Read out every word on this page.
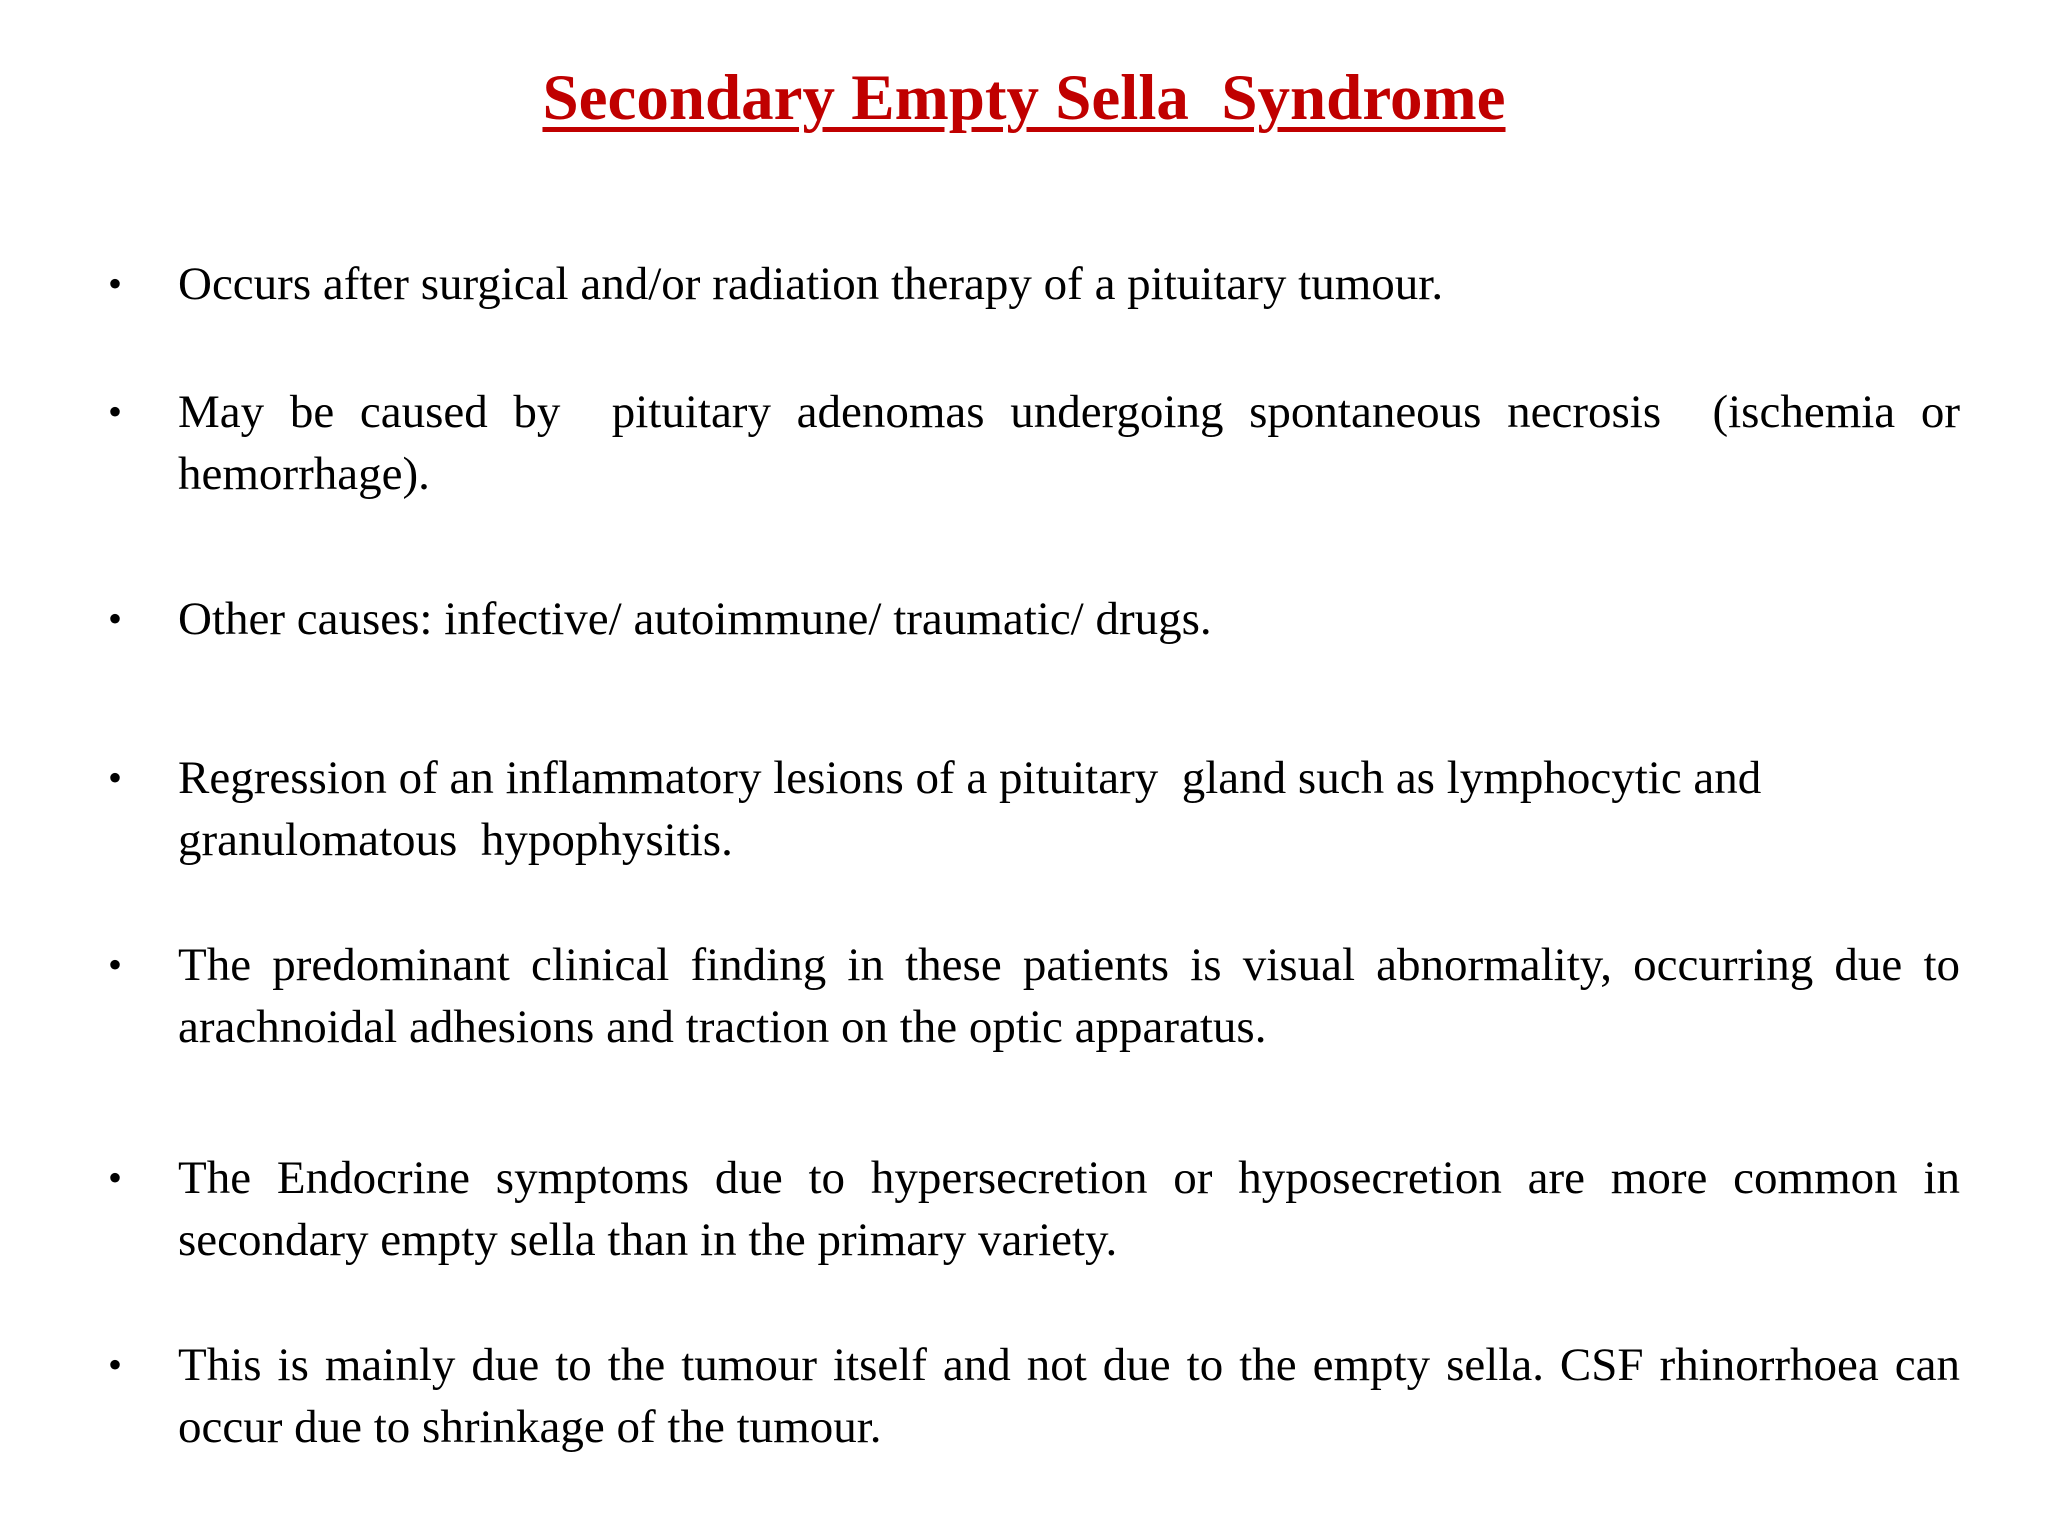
Secondary Empty Sella  Syndrome
•	Occurs after surgical and/or radiation therapy of a pituitary tumour.
•	May be caused by  pituitary adenomas undergoing spontaneous necrosis  (ischemia or hemorrhage).
•	Other causes: infective/ autoimmune/ traumatic/ drugs.
•	Regression of an inflammatory lesions of a pituitary  gland such as lymphocytic and granulomatous  hypophysitis.
•	The predominant clinical finding in these patients is visual abnormality, occurring due to arachnoidal adhesions and traction on the optic apparatus.
•	The Endocrine symptoms due to hypersecretion or hyposecretion are more common in secondary empty sella than in the primary variety.
•	This is mainly due to the tumour itself and not due to the empty sella. CSF rhinorrhoea can occur due to shrinkage of the tumour.
